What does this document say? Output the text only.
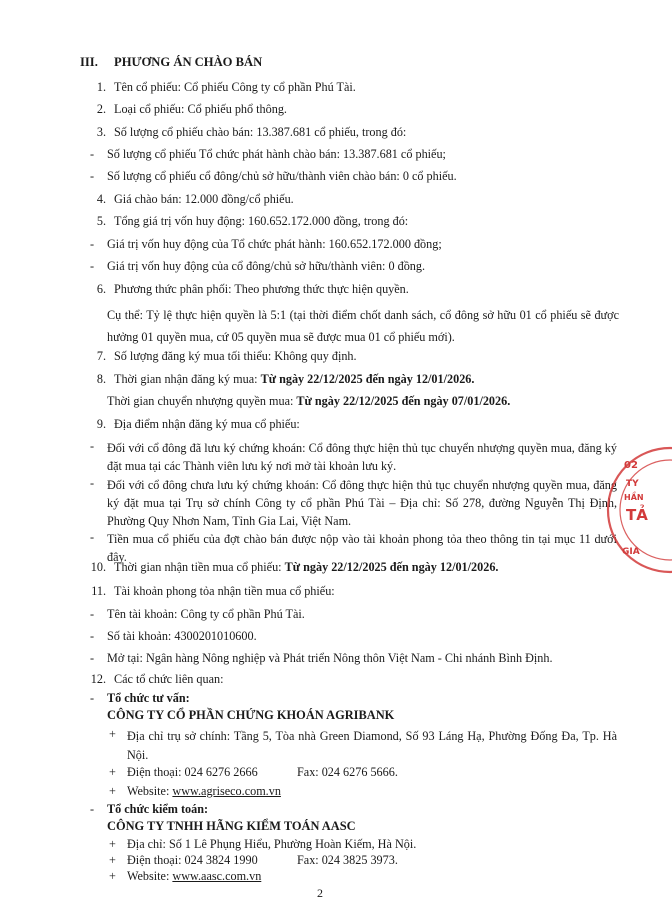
III. PHƯƠNG ÁN CHÀO BÁN
1. Tên cổ phiếu: Cổ phiếu Công ty cổ phần Phú Tài.
2. Loại cổ phiếu: Cổ phiếu phổ thông.
3. Số lượng cổ phiếu chào bán: 13.387.681 cổ phiếu, trong đó:
- Số lượng cổ phiếu Tổ chức phát hành chào bán: 13.387.681 cổ phiếu;
- Số lượng cổ phiếu cổ đông/chủ sở hữu/thành viên chào bán: 0 cổ phiếu.
4. Giá chào bán: 12.000 đồng/cổ phiếu.
5. Tổng giá trị vốn huy động: 160.652.172.000 đồng, trong đó:
- Giá trị vốn huy động của Tổ chức phát hành: 160.652.172.000 đồng;
- Giá trị vốn huy động của cổ đông/chủ sở hữu/thành viên: 0 đồng.
6. Phương thức phân phối: Theo phương thức thực hiện quyền.
Cụ thể: Tỷ lệ thực hiện quyền là 5:1 (tại thời điểm chốt danh sách, cổ đông sở hữu 01 cổ phiếu sẽ được hưởng 01 quyền mua, cứ 05 quyền mua sẽ được mua 01 cổ phiếu mới).
7. Số lượng đăng ký mua tối thiểu: Không quy định.
8. Thời gian nhận đăng ký mua: Từ ngày 22/12/2025 đến ngày 12/01/2026.
Thời gian chuyển nhượng quyền mua: Từ ngày 22/12/2025 đến ngày 07/01/2026.
9. Địa điểm nhận đăng ký mua cổ phiếu:
- Đối với cổ đông đã lưu ký chứng khoán: Cổ đông thực hiện thủ tục chuyển nhượng quyền mua, đăng ký đặt mua tại các Thành viên lưu ký nơi mở tài khoản lưu ký.
- Đối với cổ đông chưa lưu ký chứng khoán: Cổ đông thực hiện thủ tục chuyển nhượng quyền mua, đăng ký đặt mua tại Trụ sở chính Công ty cổ phần Phú Tài – Địa chỉ: Số 278, đường Nguyễn Thị Định, Phường Quy Nhơn Nam, Tỉnh Gia Lai, Việt Nam.
- Tiền mua cổ phiếu của đợt chào bán được nộp vào tài khoản phong tỏa theo thông tin tại mục 11 dưới đây.
10. Thời gian nhận tiền mua cổ phiếu: Từ ngày 22/12/2025 đến ngày 12/01/2026.
11. Tài khoản phong tỏa nhận tiền mua cổ phiếu:
- Tên tài khoản: Công ty cổ phần Phú Tài.
- Số tài khoản: 4300201010600.
- Mở tại: Ngân hàng Nông nghiệp và Phát triển Nông thôn Việt Nam - Chi nhánh Bình Định.
12. Các tổ chức liên quan:
- Tổ chức tư vấn:
CÔNG TY CỔ PHẦN CHỨNG KHOÁN AGRIBANK
+ Địa chỉ trụ sở chính: Tầng 5, Tòa nhà Green Diamond, Số 93 Láng Hạ, Phường Đống Đa, Tp. Hà Nội.
+ Điện thoại: 024 6276 2666	Fax: 024 6276 5666.
+ Website: www.agriseco.com.vn
- Tổ chức kiểm toán:
CÔNG TY TNHH HÃNG KIỂM TOÁN AASC
+ Địa chỉ: Số 1 Lê Phụng Hiểu, Phường Hoàn Kiếm, Hà Nội.
+ Điện thoại: 024 3824 1990	Fax: 024 3825 3973.
+ Website: www.aasc.com.vn
2
02
TY
HẦN
TẢ
GIA
